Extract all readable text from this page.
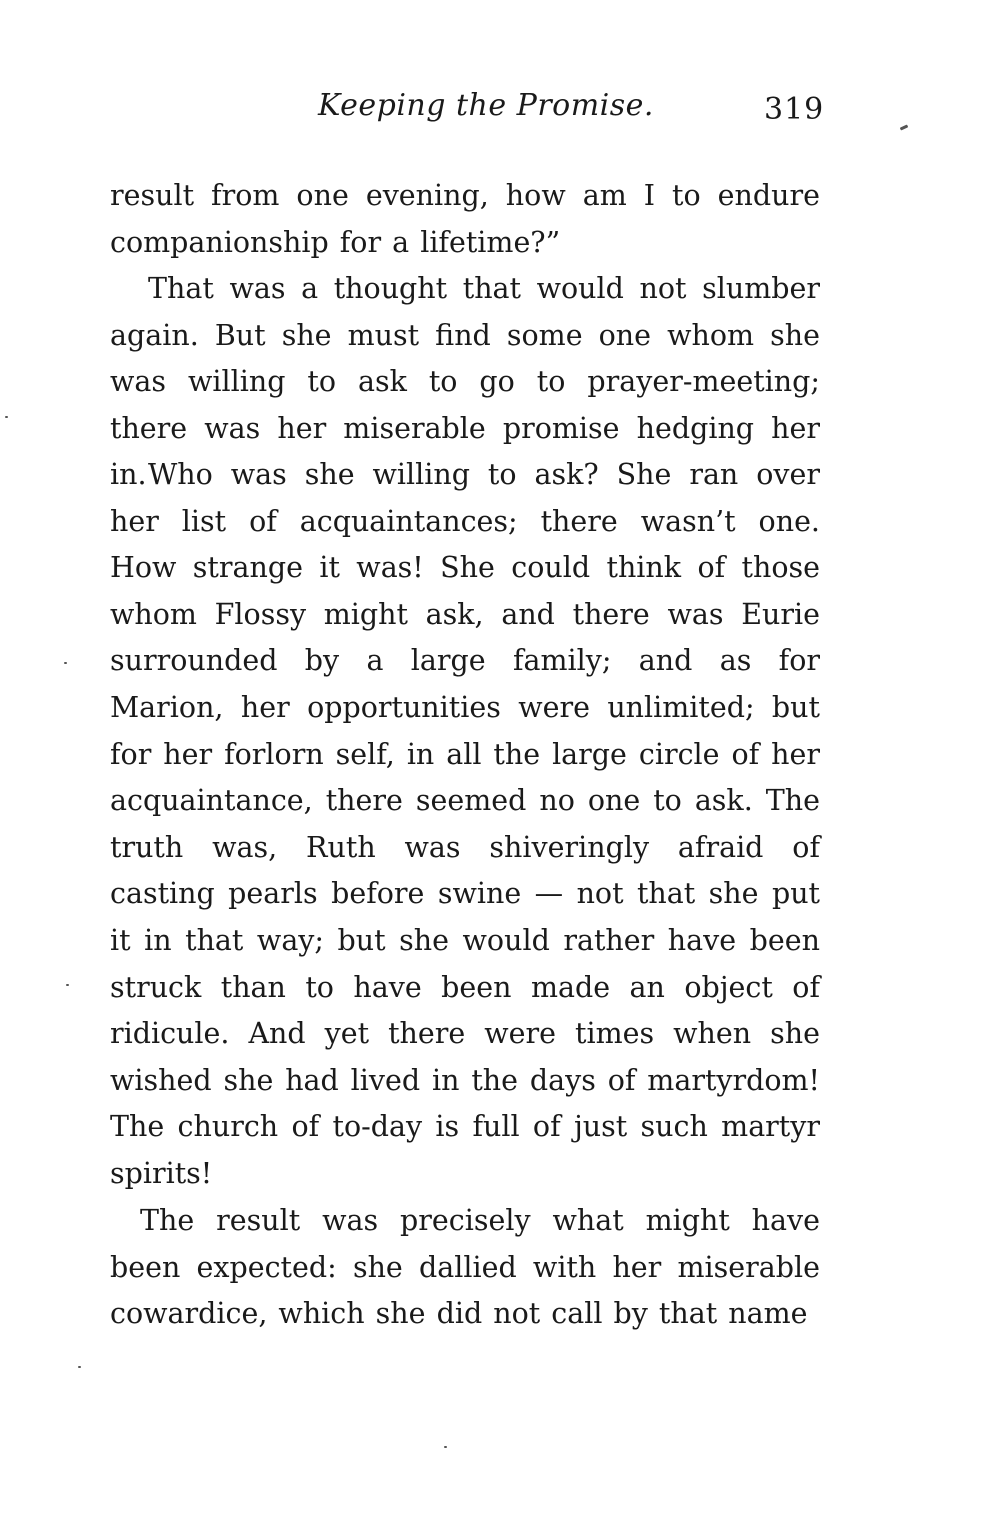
Keeping the Promise.	319

result from one evening, how am I to endure companionship for a lifetime?”

That was a thought that would not slumber again. But she must find some one whom she was willing to ask to go to prayer-meeting; there was her miserable promise hedging her in. Who was she willing to ask? She ran over her list of acquaintances; there wasn’t one. How strange it was! She could think of those whom Flossy might ask, and there was Eurie surrounded by a large family; and as for Marion, her opportunities were unlimited; but for her forlorn self, in all the large circle of her acquaintance, there seemed no one to ask. The truth was, Ruth was shiveringly afraid of casting pearls before swine — not that she put it in that way; but she would rather have been struck than to have been made an object of ridicule. And yet there were times when she wished she had lived in the days of martyrdom! The church of to-day is full of just such martyr spirits!

The result was precisely what might have been expected: she dallied with her miserable cowardice, which she did not call by that name
